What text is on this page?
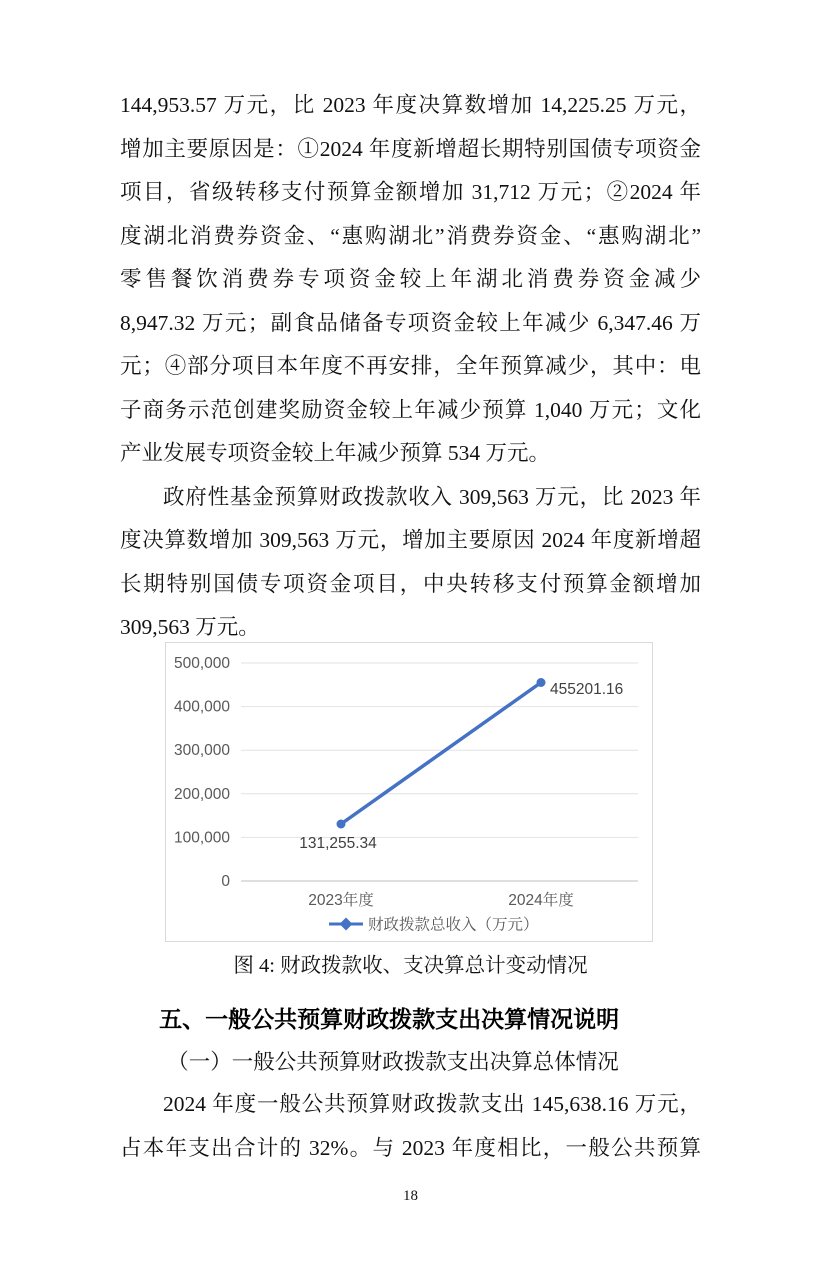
144,953.57 万元，比 2023 年度决算数增加 14,225.25 万元，
增加主要原因是：①2024 年度新增超长期特别国债专项资金
项目，省级转移支付预算金额增加 31,712 万元；②2024 年
度湖北消费券资金、“惠购湖北”消费券资金、“惠购湖北”
零售餐饮消费券专项资金较上年湖北消费券资金减少
8,947.32 万元；副食品储备专项资金较上年减少 6,347.46 万
元；④部分项目本年度不再安排，全年预算减少，其中：电
子商务示范创建奖励资金较上年减少预算 1,040 万元；文化
产业发展专项资金较上年减少预算 534 万元。
政府性基金预算财政拨款收入 309,563 万元，比 2023 年
度决算数增加 309,563 万元，增加主要原因 2024 年度新增超
长期特别国债专项资金项目，中央转移支付预算金额增加
309,563 万元。
500,000
400,000
300,000
200,000
100,000
0
131,255.34
455201.16
2023年度	2024年度
财政拨款总收入（万元）
图 4: 财政拨款收、支决算总计变动情况
五、一般公共预算财政拨款支出决算情况说明
（一）一般公共预算财政拨款支出决算总体情况
2024 年度一般公共预算财政拨款支出 145,638.16 万元，
占本年支出合计的 32%。与 2023 年度相比，一般公共预算
18
